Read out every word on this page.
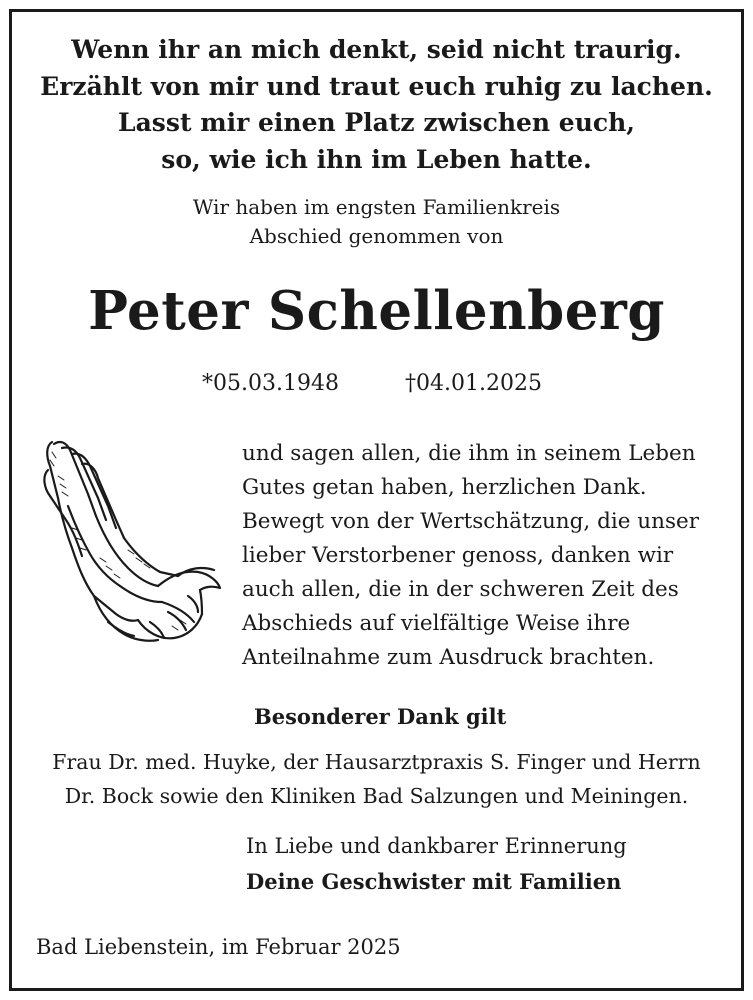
Wenn ihr an mich denkt, seid nicht traurig.
Erzählt von mir und traut euch ruhig zu lachen.
Lasst mir einen Platz zwischen euch,
so, wie ich ihn im Leben hatte.
Wir haben im engsten Familienkreis
Abschied genommen von
Peter Schellenberg
*05.03.1948	†04.01.2025
und sagen allen, die ihm in seinem Leben
Gutes getan haben, herzlichen Dank.
Bewegt von der Wertschätzung, die unser
lieber Verstorbener genoss, danken wir
auch allen, die in der schweren Zeit des
Abschieds auf vielfältige Weise ihre
Anteilnahme zum Ausdruck brachten.
Besonderer Dank gilt
Frau Dr. med. Huyke, der Hausarztpraxis S. Finger und Herrn
Dr. Bock sowie den Kliniken Bad Salzungen und Meiningen.
In Liebe und dankbarer Erinnerung
Deine Geschwister mit Familien
Bad Liebenstein, im Februar 2025
